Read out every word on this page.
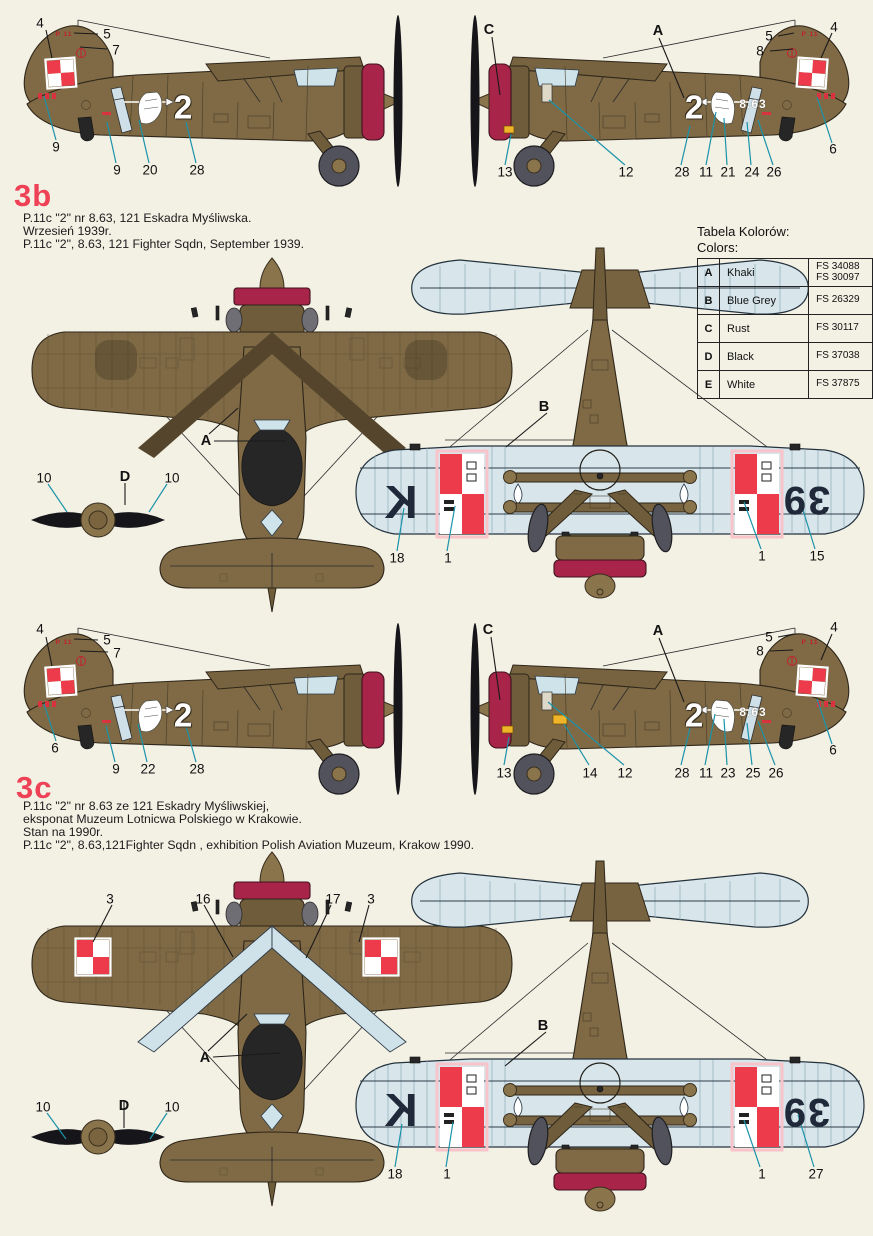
3b
P.11c "2" nr 8.63, 121 Eskadra Myśliwska.
Wrzesień 1939r.
P.11c "2", 8.63, 121 Fighter Sqdn, September 1939.
3c
P.11c "2" nr 8.63 ze 121 Eskadry Myśliwskiej,
eksponat Muzeum Lotnicwa Polskiego w Krakowie.
Stan na 1990r.
P.11c "2", 8.63,121Fighter Sqdn , exhibition Polish Aviation Muzeum, Krakow 1990.
Tabela Kolorów:
Colors:
A	Khaki	FS 34088
FS 30097

B	Blue Grey	FS 26329
C	Rust	FS 30117
D	Black	FS 37038
E	White	FS 37875
2	2
2	2
8.63
8.63
K
K
39
39
P 11	P 11
P 11	P 11
4
5
7
9
9 20 28
C	A	5
8
4
13	12	28 11 21 24 26
6
A
10	D	10
B
18	1	1	15
4
5
7
6
9 22	28
C	A	5
8
4
13	14 12	28 11 23 25 26
6
3	16	17 3
A
10	D	10
B
18	1	1	27
